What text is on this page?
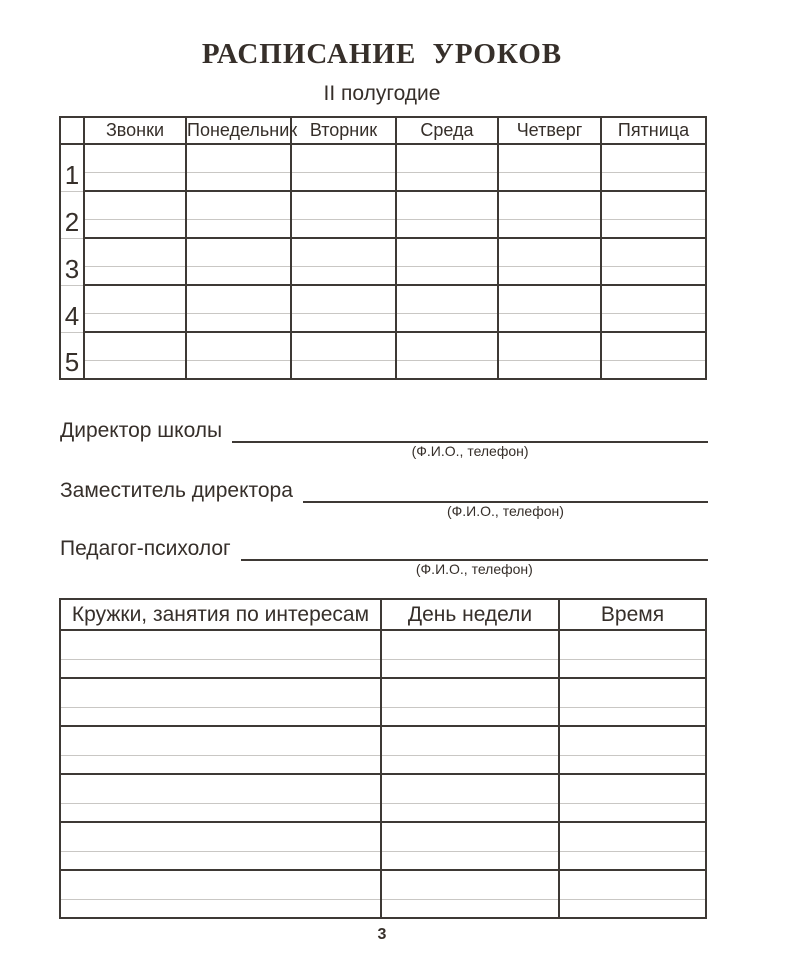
РАСПИСАНИЕ УРОКОВ
II полугодие
	Звонки	Понедельник	Вторник	Среда	Четверг	Пятница
1						

2						

3						

4						

5						

Директор школы
(Ф.И.О., телефон)
Заместитель директора
(Ф.И.О., телефон)
Педагог-психолог
(Ф.И.О., телефон)
Кружки, занятия по интересам	День недели	Время

3
